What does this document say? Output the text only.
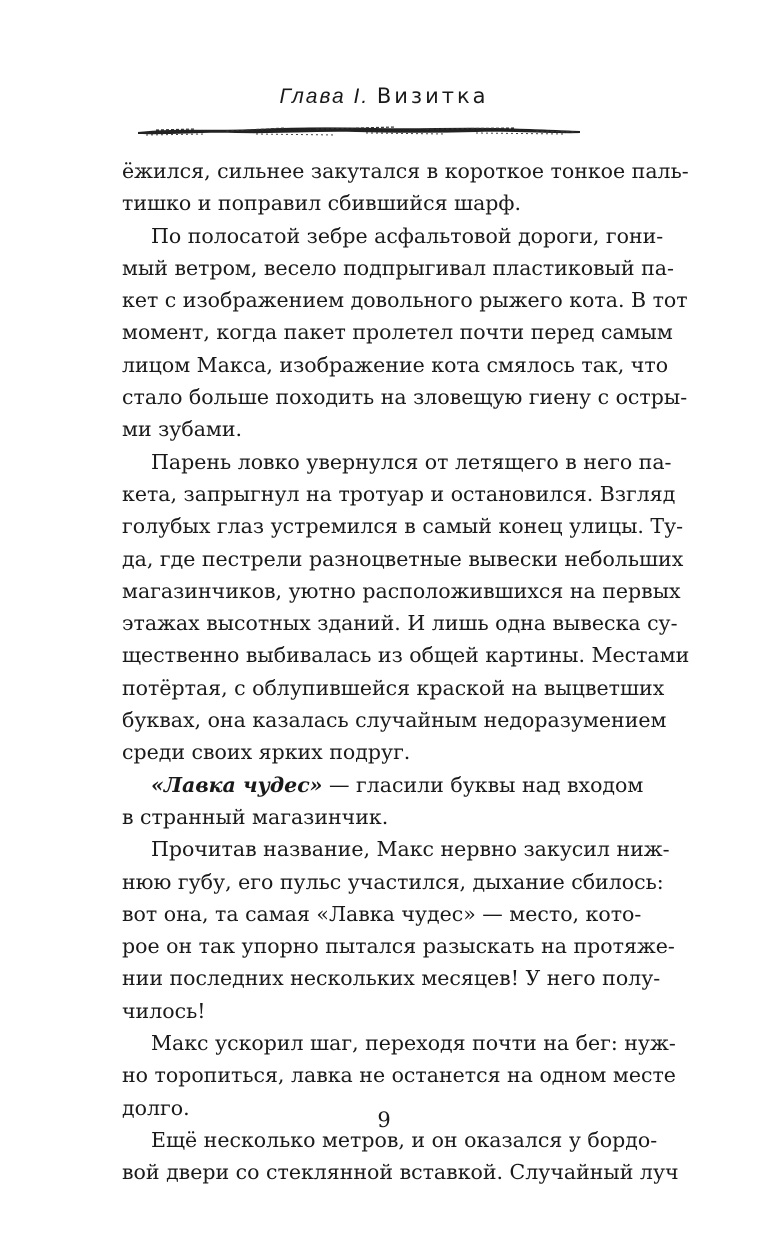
Глава I. Визитка
ёжился, сильнее закутался в короткое тонкое паль-
тишко и поправил сбившийся шарф.
По полосатой зебре асфальтовой дороги, гони-
мый ветром, весело подпрыгивал пластиковый па-
кет с изображением довольного рыжего кота. В тот
момент, когда пакет пролетел почти перед самым
лицом Макса, изображение кота смялось так, что
стало больше походить на зловещую гиену с остры-
ми зубами.
Парень ловко увернулся от летящего в него па-
кета, запрыгнул на тротуар и остановился. Взгляд
голубых глаз устремился в самый конец улицы. Ту-
да, где пестрели разноцветные вывески небольших
магазинчиков, уютно расположившихся на первых
этажах высотных зданий. И лишь одна вывеска су-
щественно выбивалась из общей картины. Местами
потёртая, с облупившейся краской на выцветших
буквах, она казалась случайным недоразумением
среди своих ярких подруг.
«Лавка чудес» — гласили буквы над входом
в странный магазинчик.
Прочитав название, Макс нервно закусил ниж-
нюю губу, его пульс участился, дыхание сбилось:
вот она, та самая «Лавка чудес» — место, кото-
рое он так упорно пытался разыскать на протяже-
нии последних нескольких месяцев! У него полу-
чилось!
Макс ускорил шаг, переходя почти на бег: нуж-
но торопиться, лавка не останется на одном месте
долго.
Ещё несколько метров, и он оказался у бордо-
вой двери со стеклянной вставкой. Случайный луч
9
